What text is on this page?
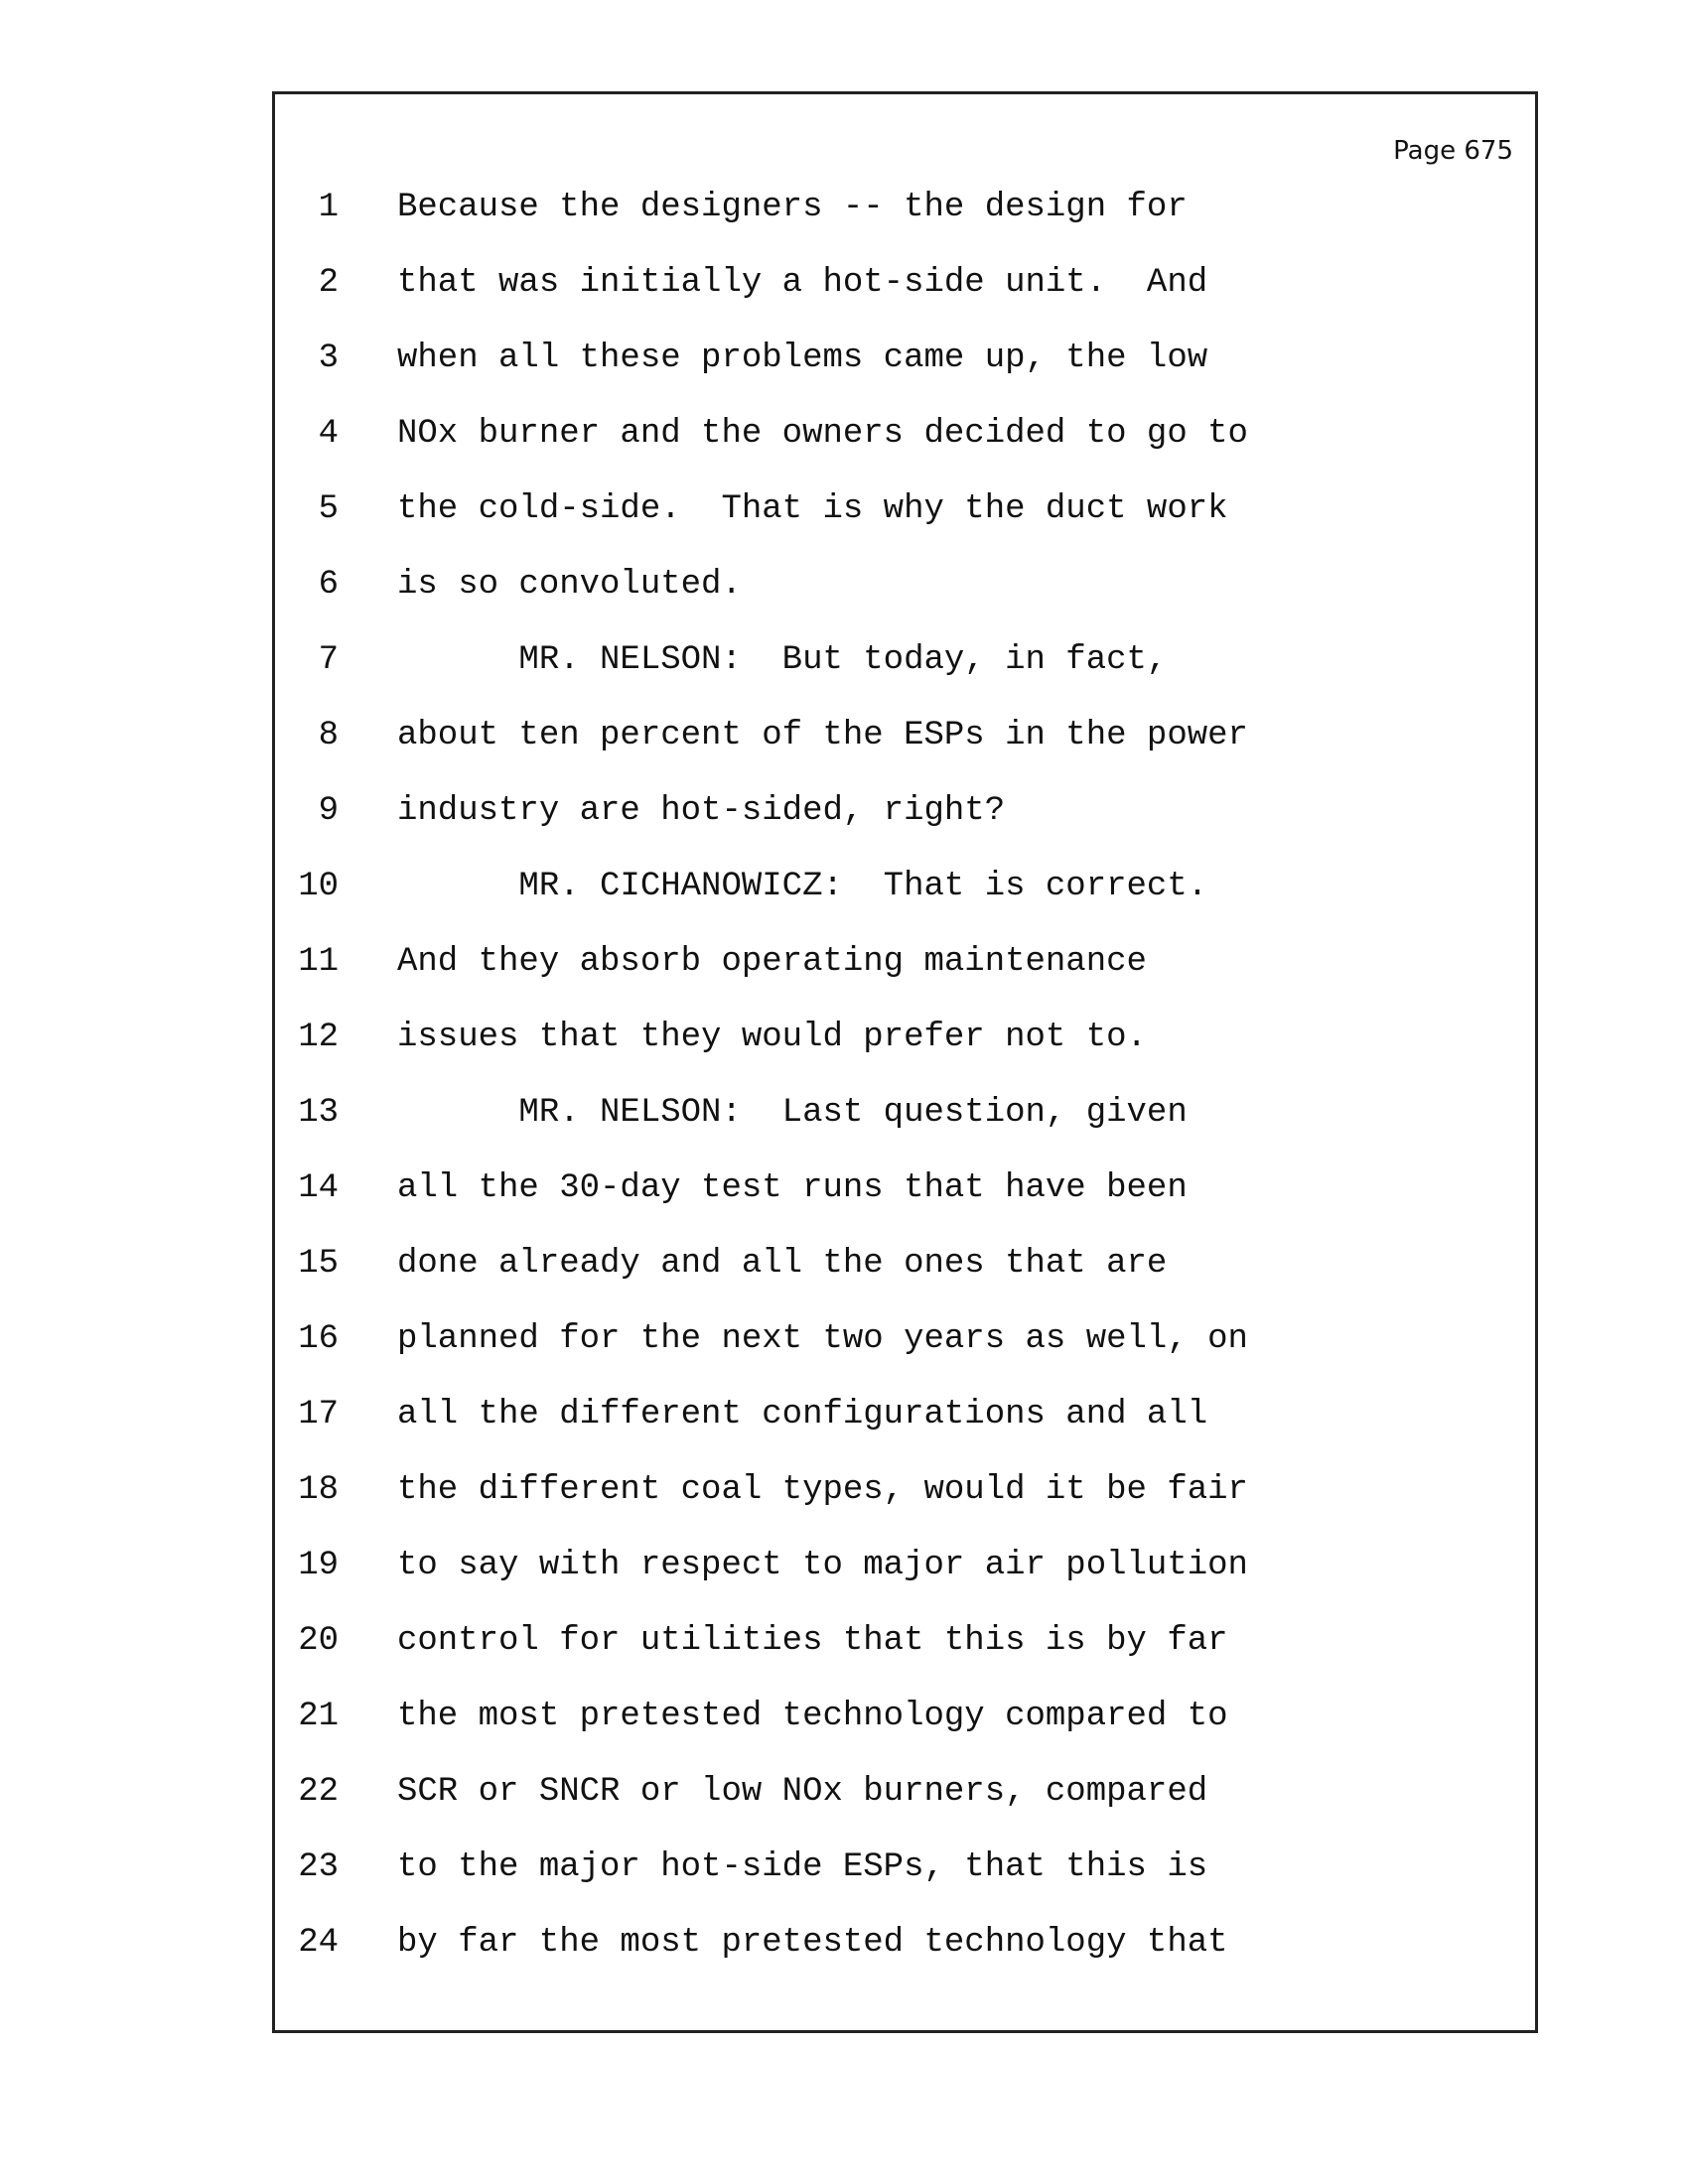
Page 675
1 Because the designers -- the design for
2 that was initially a hot-side unit.  And
3 when all these problems came up, the low
4 NOx burner and the owners decided to go to
5 the cold-side.  That is why the duct work
6 is so convoluted.
7 MR. NELSON:  But today, in fact,
8 about ten percent of the ESPs in the power
9 industry are hot-sided, right?
10 MR. CICHANOWICZ:  That is correct.
11 And they absorb operating maintenance
12 issues that they would prefer not to.
13 MR. NELSON:  Last question, given
14 all the 30-day test runs that have been
15 done already and all the ones that are
16 planned for the next two years as well, on
17 all the different configurations and all
18 the different coal types, would it be fair
19 to say with respect to major air pollution
20 control for utilities that this is by far
21 the most pretested technology compared to
22 SCR or SNCR or low NOx burners, compared
23 to the major hot-side ESPs, that this is
24 by far the most pretested technology that
